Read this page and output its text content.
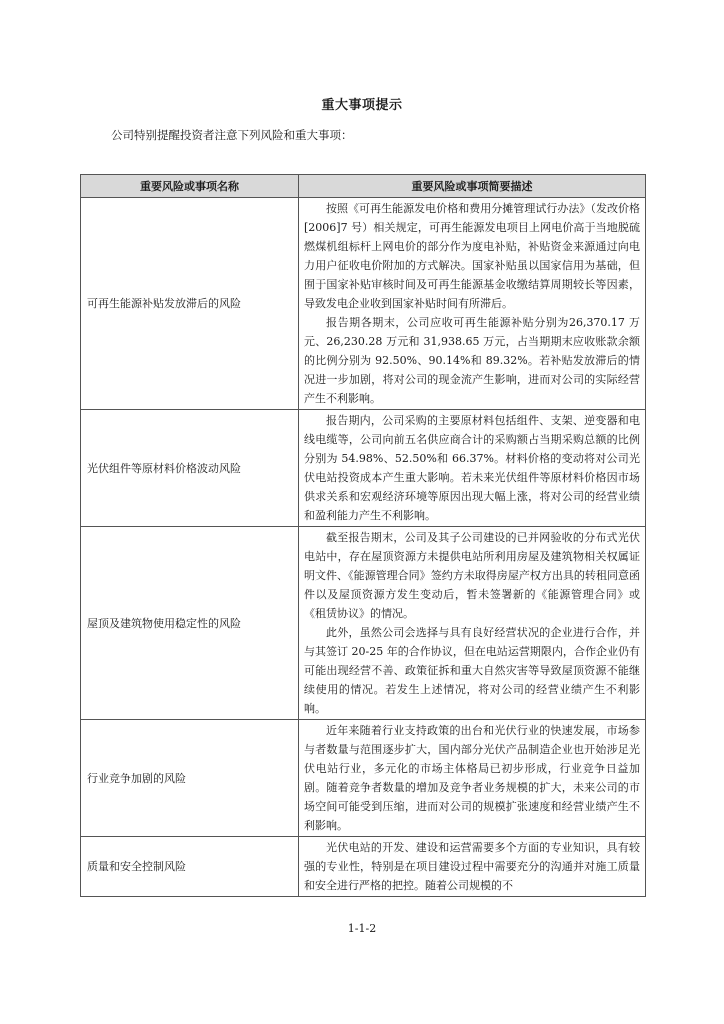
重大事项提示
公司特别提醒投资者注意下列风险和重大事项：
重要风险或事项名称	重要风险或事项简要描述
可再生能源补贴发放滞后的风险	按照《可再生能源发电价格和费用分摊管理试行办法》（发改价格[2006]7 号）相关规定，可再生能源发电项目上网电价高于当地脱硫燃煤机组标杆上网电价的部分作为度电补贴，补贴资金来源通过向电力用户征收电价附加的方式解决。国家补贴虽以国家信用为基础，但囿于国家补贴审核时间及可再生能源基金收缴结算周期较长等因素，导致发电企业收到国家补贴时间有所滞后。

报告期各期末，公司应收可再生能源补贴分别为26,370.17 万元、26,230.28 万元和 31,938.65 万元，占当期期末应收账款余额的比例分别为 92.50%、90.14%和 89.32%。若补贴发放滞后的情况进一步加剧，将对公司的现金流产生影响，进而对公司的实际经营产生不利影响。

光伏组件等原材料价格波动风险	报告期内，公司采购的主要原材料包括组件、支架、逆变器和电线电缆等，公司向前五名供应商合计的采购额占当期采购总额的比例分别为 54.98%、52.50%和 66.37%。材料价格的变动将对公司光伏电站投资成本产生重大影响。若未来光伏组件等原材料价格因市场供求关系和宏观经济环境等原因出现大幅上涨，将对公司的经营业绩和盈利能力产生不利影响。

屋顶及建筑物使用稳定性的风险	截至报告期末，公司及其子公司建设的已并网验收的分布式光伏电站中，存在屋顶资源方未提供电站所利用房屋及建筑物相关权属证明文件、《能源管理合同》签约方未取得房屋产权方出具的转租同意函件以及屋顶资源方发生变动后，暂未签署新的《能源管理合同》或《租赁协议》的情况。

此外，虽然公司会选择与具有良好经营状况的企业进行合作，并与其签订 20-25 年的合作协议，但在电站运营期限内，合作企业仍有可能出现经营不善、政策征拆和重大自然灾害等导致屋顶资源不能继续使用的情况。若发生上述情况，将对公司的经营业绩产生不利影响。

行业竞争加剧的风险	近年来随着行业支持政策的出台和光伏行业的快速发展，市场参与者数量与范围逐步扩大，国内部分光伏产品制造企业也开始涉足光伏电站行业，多元化的市场主体格局已初步形成，行业竞争日益加剧。随着竞争者数量的增加及竞争者业务规模的扩大，未来公司的市场空间可能受到压缩，进而对公司的规模扩张速度和经营业绩产生不利影响。

质量和安全控制风险	光伏电站的开发、建设和运营需要多个方面的专业知识，具有较强的专业性，特别是在项目建设过程中需要充分的沟通并对施工质量和安全进行严格的把控。随着公司规模的不

1-1-2
